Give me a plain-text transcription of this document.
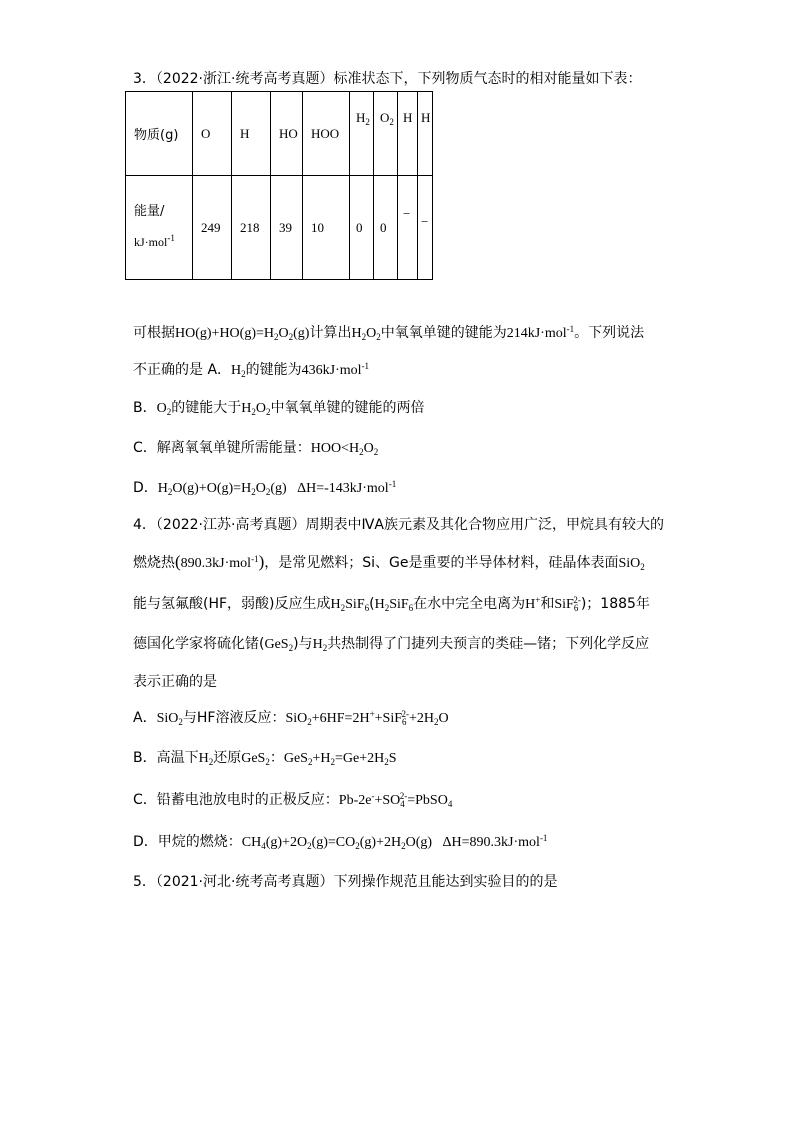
3．（2022·浙江·统考高考真题）标准状态下，下列物质气态时的相对能量如下表：
物质(g)	O	H	HO	HOO	$H_2$	$O_2$	H	H

能量/
kJ·mol$^{-1}$	249	218	39	10	0	0	−	−
可根据$HO(g)+HO(g)=H_2O_2(g)$计算出$H_2O_2$中氧氧单键的键能为214kJ·mol$^{-1}$。下列说法
不正确的是 A．$H_2$的键能为436kJ·mol$^{-1}$
B．$O_2$的键能大于$H_2O_2$中氧氧单键的键能的两倍
C．解离氧氧单键所需能量：$HOO<H_2O_2$
D．$H_2O(g)+O(g)=H_2O_2(g)$   ΔH=-143kJ·mol$^{-1}$
4．（2022·江苏·高考真题）周期表中ⅣA族元素及其化合物应用广泛，甲烷具有较大的
燃烧热(890.3kJ·mol$^{-1}$)，是常见燃料；Si、Ge是重要的半导体材料，硅晶体表面SiO$_2$
能与氢氟酸(HF，弱酸)反应生成$H_2SiF_6(H_2SiF_6$在水中完全电离为H+和SiF$_6^{2-}$)；1885年
德国化学家将硫化锗(GeS$_2$)与$H_2$共热制得了门捷列夫预言的类硅—锗；下列化学反应
表示正确的是
A．SiO$_2$与HF溶液反应：$SiO_2+6HF=2H^++SiF_6^{2-}+2H_2O$
B．高温下$H_2$还原GeS$_2$：$GeS_2+H_2=Ge+2H_2S$
C．铅蓄电池放电时的正极反应：$Pb-2e^-+SO_4^{2-}=PbSO_4$
D．甲烷的燃烧：$CH_4(g)+2O_2(g)=CO_2(g)+2H_2O(g)$   ΔH=890.3kJ·mol$^{-1}$
5．（2021·河北·统考高考真题）下列操作规范且能达到实验目的的是
